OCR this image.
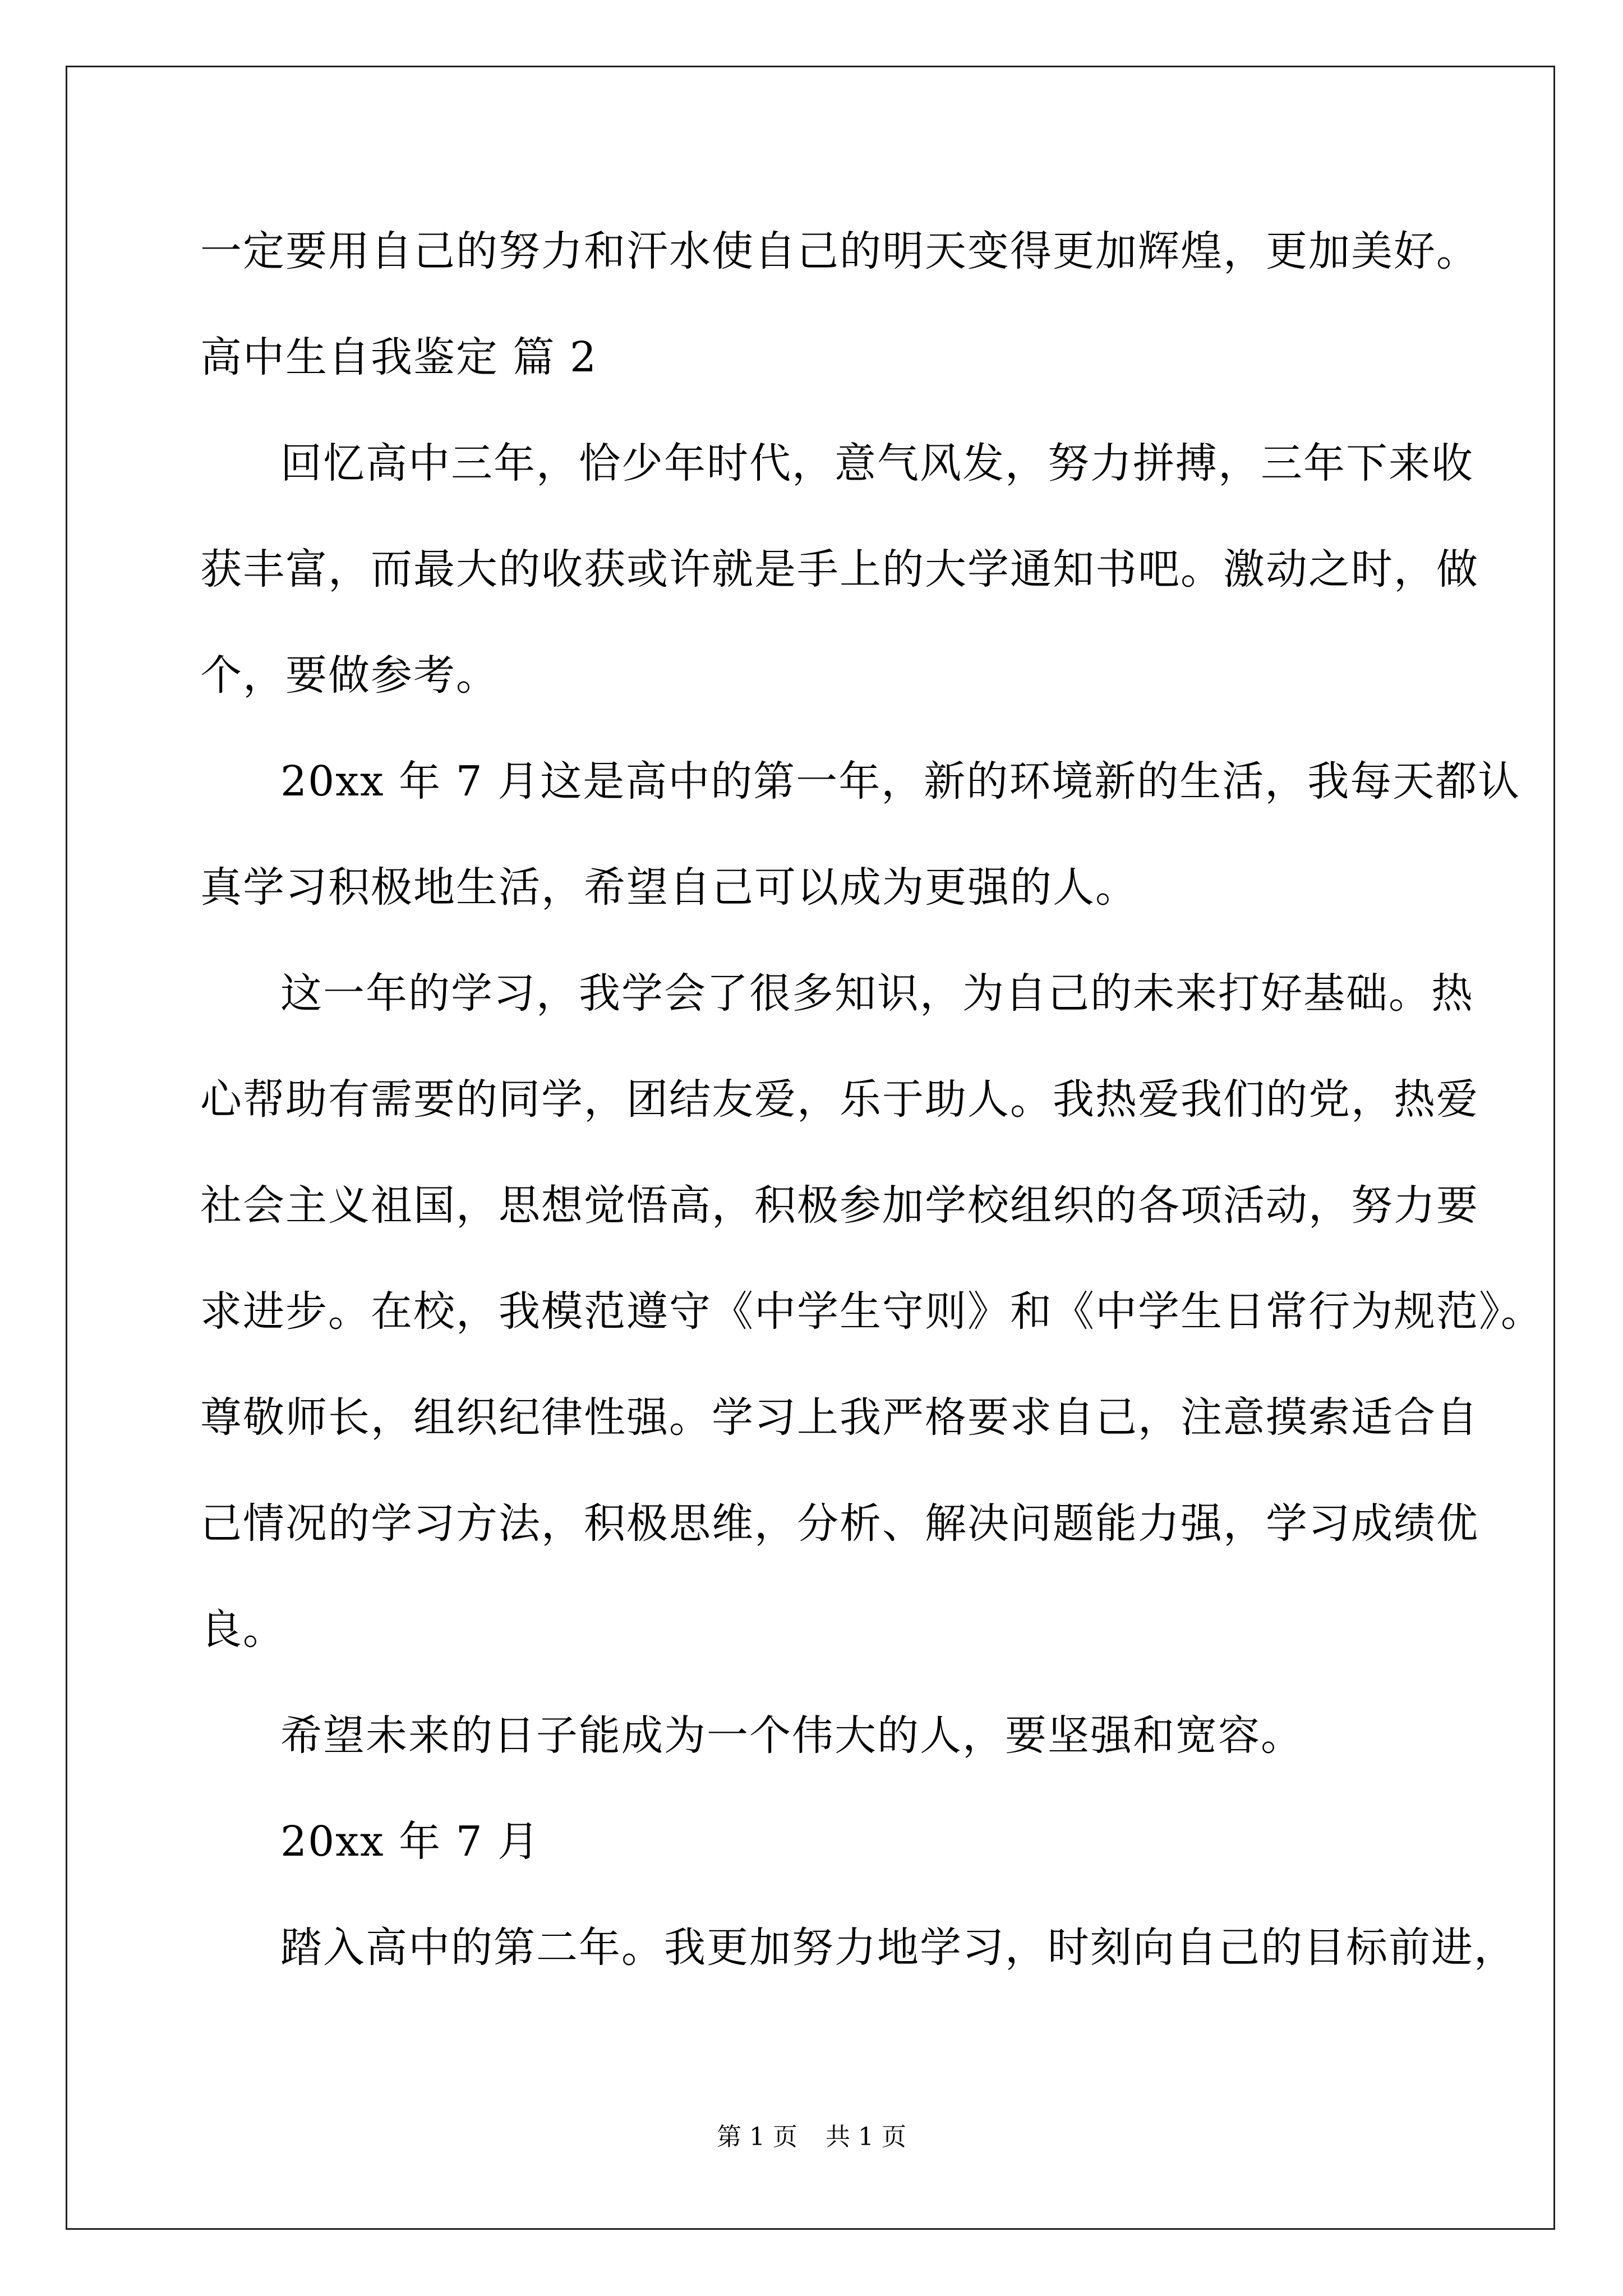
一定要用自己的努力和汗水使自己的明天变得更加辉煌，更加美好。
高中生自我鉴定 篇 2
回忆高中三年，恰少年时代，意气风发，努力拼搏，三年下来收
获丰富，而最大的收获或许就是手上的大学通知书吧。激动之时，做
个，要做参考。
20xx 年 7 月这是高中的第一年，新的环境新的生活，我每天都认
真学习积极地生活，希望自己可以成为更强的人。
这一年的学习，我学会了很多知识，为自己的未来打好基础。热
心帮助有需要的同学，团结友爱，乐于助人。我热爱我们的党，热爱
社会主义祖国，思想觉悟高，积极参加学校组织的各项活动，努力要
求进步。在校，我模范遵守《中学生守则》和《中学生日常行为规范》。
尊敬师长，组织纪律性强。学习上我严格要求自己，注意摸索适合自
己情况的学习方法，积极思维，分析、解决问题能力强，学习成绩优
良。
希望未来的日子能成为一个伟大的人，要坚强和宽容。
20xx 年 7 月
踏入高中的第二年。我更加努力地学习，时刻向自己的目标前进，
第 1 页 共 1 页
